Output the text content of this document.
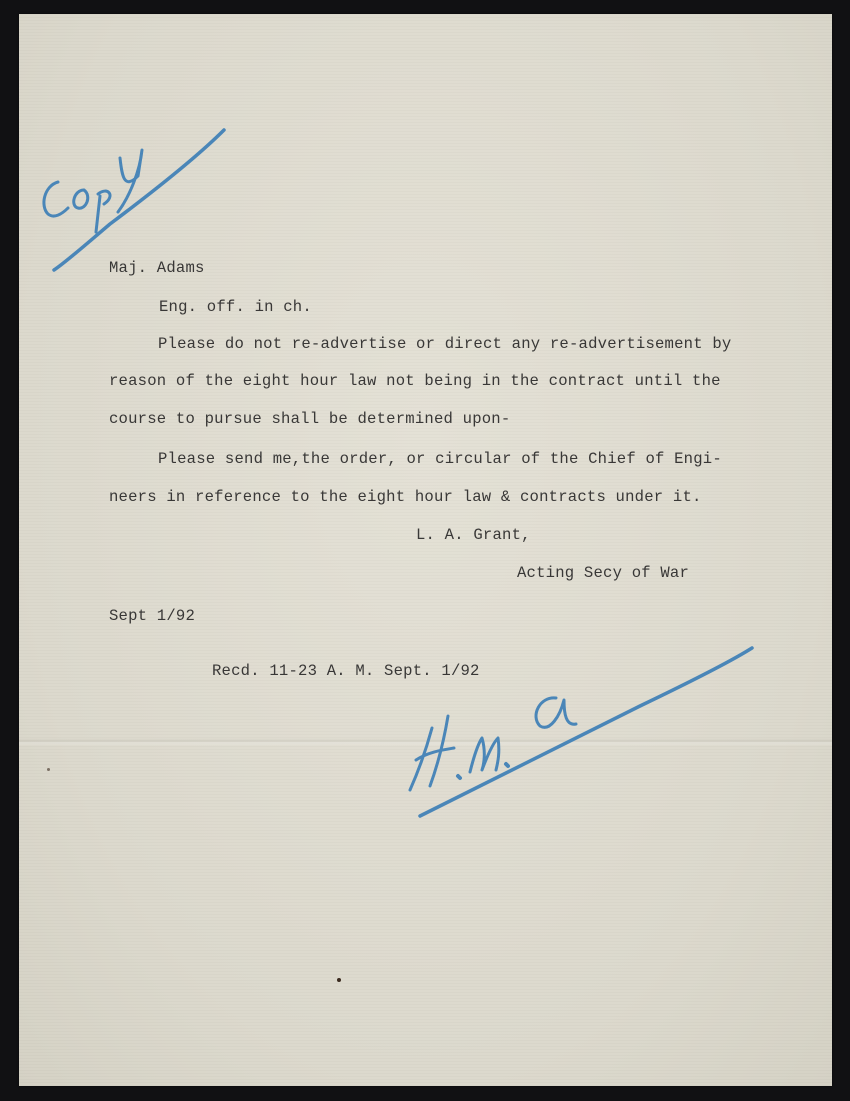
Maj. Adams
Eng. off. in ch.
Please do not re-advertise or direct any re-advertisement by
reason of the eight hour law not being in the contract until the
course to pursue shall be determined upon-
Please send me,the order, or circular of the Chief of Engi-
neers in reference to the eight hour law & contracts under it.
L. A. Grant,
Acting Secy of War
Sept 1/92
Recd. 11-23 A. M. Sept. 1/92
